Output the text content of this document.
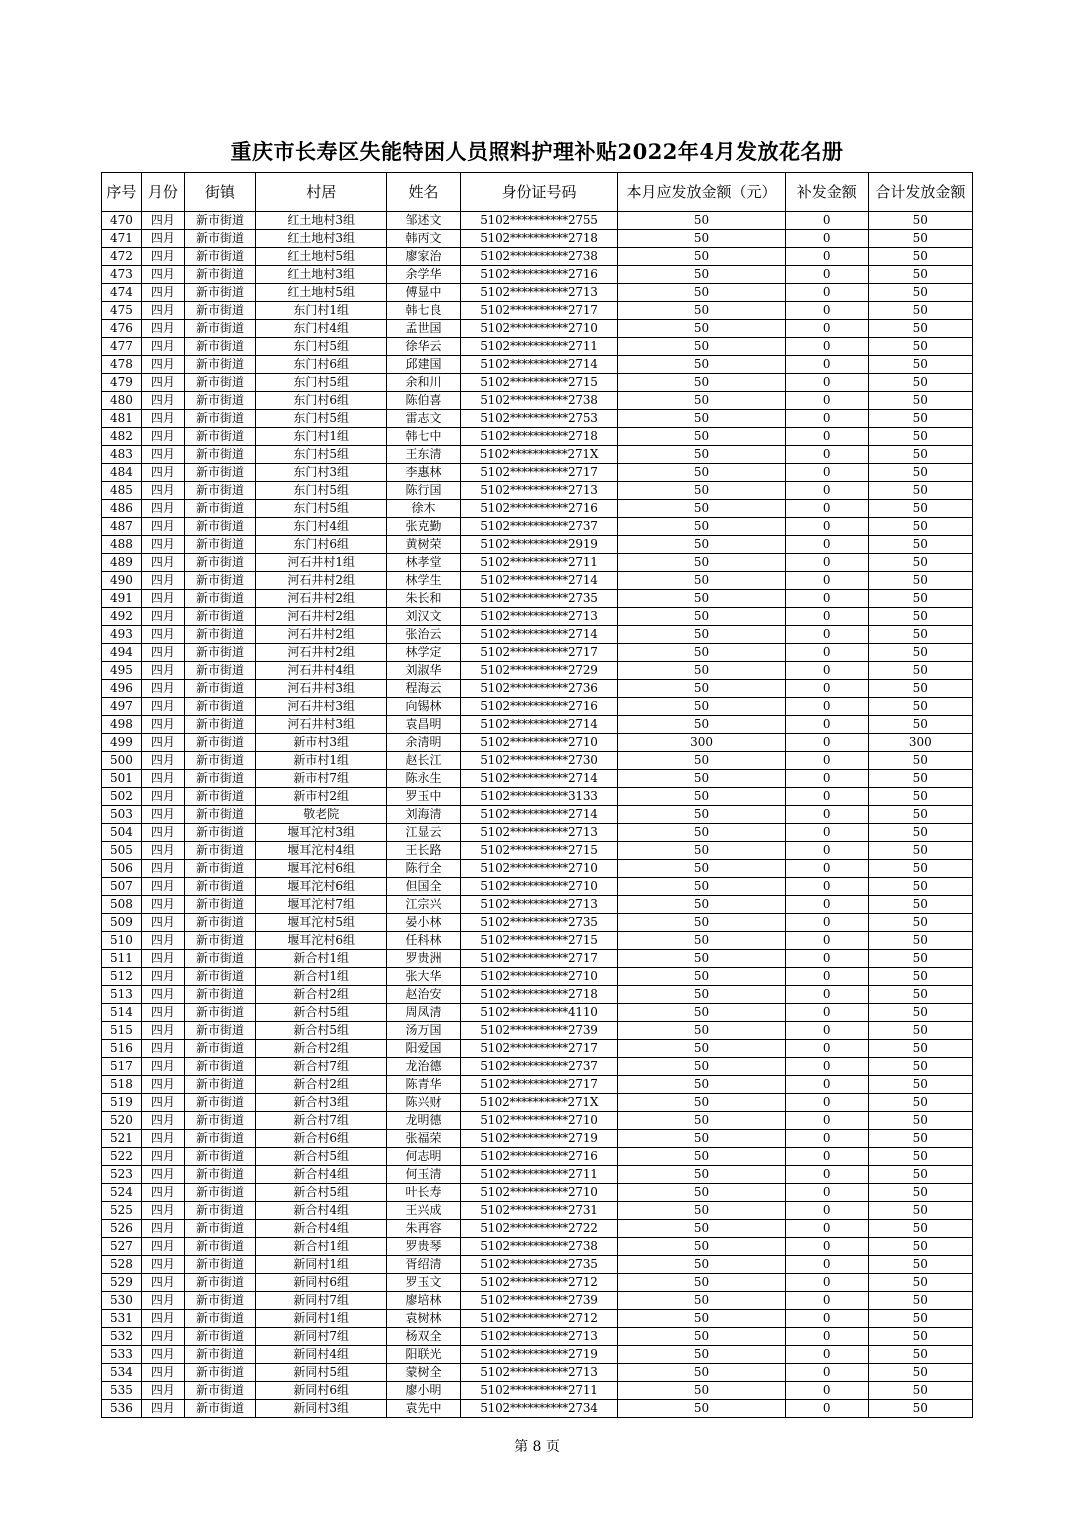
重庆市长寿区失能特困人员照料护理补贴2022年4月发放花名册
序号	月份	街镇	村居	姓名	身份证号码	本月应发放金额（元）	补发金额	合计发放金额
470	四月	新市街道	红土地村3组	邹述文	5102**********2755	50	0	50
471	四月	新市街道	红土地村3组	韩丙文	5102**********2718	50	0	50
472	四月	新市街道	红土地村5组	廖家治	5102**********2738	50	0	50
473	四月	新市街道	红土地村3组	余学华	5102**********2716	50	0	50
474	四月	新市街道	红土地村5组	傅显中	5102**********2713	50	0	50
475	四月	新市街道	东门村1组	韩七良	5102**********2717	50	0	50
476	四月	新市街道	东门村4组	孟世国	5102**********2710	50	0	50
477	四月	新市街道	东门村5组	徐华云	5102**********2711	50	0	50
478	四月	新市街道	东门村6组	邱建国	5102**********2714	50	0	50
479	四月	新市街道	东门村5组	余和川	5102**********2715	50	0	50
480	四月	新市街道	东门村6组	陈伯喜	5102**********2738	50	0	50
481	四月	新市街道	东门村5组	雷志文	5102**********2753	50	0	50
482	四月	新市街道	东门村1组	韩七中	5102**********2718	50	0	50
483	四月	新市街道	东门村5组	王东清	5102**********271X	50	0	50
484	四月	新市街道	东门村3组	李惠林	5102**********2717	50	0	50
485	四月	新市街道	东门村5组	陈行国	5102**********2713	50	0	50
486	四月	新市街道	东门村5组	徐木	5102**********2716	50	0	50
487	四月	新市街道	东门村4组	张克勤	5102**********2737	50	0	50
488	四月	新市街道	东门村6组	黄树荣	5102**********2919	50	0	50
489	四月	新市街道	河石井村1组	林孝堂	5102**********2711	50	0	50
490	四月	新市街道	河石井村2组	林学生	5102**********2714	50	0	50
491	四月	新市街道	河石井村2组	朱长和	5102**********2735	50	0	50
492	四月	新市街道	河石井村2组	刘汉文	5102**********2713	50	0	50
493	四月	新市街道	河石井村2组	张治云	5102**********2714	50	0	50
494	四月	新市街道	河石井村2组	林学定	5102**********2717	50	0	50
495	四月	新市街道	河石井村4组	刘淑华	5102**********2729	50	0	50
496	四月	新市街道	河石井村3组	程海云	5102**********2736	50	0	50
497	四月	新市街道	河石井村3组	向锡林	5102**********2716	50	0	50
498	四月	新市街道	河石井村3组	袁昌明	5102**********2714	50	0	50
499	四月	新市街道	新市村3组	余清明	5102**********2710	300	0	300
500	四月	新市街道	新市村1组	赵长江	5102**********2730	50	0	50
501	四月	新市街道	新市村7组	陈永生	5102**********2714	50	0	50
502	四月	新市街道	新市村2组	罗玉中	5102**********3133	50	0	50
503	四月	新市街道	敬老院	刘海清	5102**********2714	50	0	50
504	四月	新市街道	堰耳沱村3组	江显云	5102**********2713	50	0	50
505	四月	新市街道	堰耳沱村4组	王长路	5102**********2715	50	0	50
506	四月	新市街道	堰耳沱村6组	陈行全	5102**********2710	50	0	50
507	四月	新市街道	堰耳沱村6组	但国全	5102**********2710	50	0	50
508	四月	新市街道	堰耳沱村7组	江宗兴	5102**********2713	50	0	50
509	四月	新市街道	堰耳沱村5组	晏小林	5102**********2735	50	0	50
510	四月	新市街道	堰耳沱村6组	任科林	5102**********2715	50	0	50
511	四月	新市街道	新合村1组	罗贵洲	5102**********2717	50	0	50
512	四月	新市街道	新合村1组	张大华	5102**********2710	50	0	50
513	四月	新市街道	新合村2组	赵治安	5102**********2718	50	0	50
514	四月	新市街道	新合村5组	周凤清	5102**********4110	50	0	50
515	四月	新市街道	新合村5组	汤万国	5102**********2739	50	0	50
516	四月	新市街道	新合村2组	阳爱国	5102**********2717	50	0	50
517	四月	新市街道	新合村7组	龙治德	5102**********2737	50	0	50
518	四月	新市街道	新合村2组	陈青华	5102**********2717	50	0	50
519	四月	新市街道	新合村3组	陈兴财	5102**********271X	50	0	50
520	四月	新市街道	新合村7组	龙明德	5102**********2710	50	0	50
521	四月	新市街道	新合村6组	张福荣	5102**********2719	50	0	50
522	四月	新市街道	新合村5组	何志明	5102**********2716	50	0	50
523	四月	新市街道	新合村4组	何玉清	5102**********2711	50	0	50
524	四月	新市街道	新合村5组	叶长寿	5102**********2710	50	0	50
525	四月	新市街道	新合村4组	王兴成	5102**********2731	50	0	50
526	四月	新市街道	新合村4组	朱再容	5102**********2722	50	0	50
527	四月	新市街道	新合村1组	罗贵琴	5102**********2738	50	0	50
528	四月	新市街道	新同村1组	胥绍清	5102**********2735	50	0	50
529	四月	新市街道	新同村6组	罗玉文	5102**********2712	50	0	50
530	四月	新市街道	新同村7组	廖培林	5102**********2739	50	0	50
531	四月	新市街道	新同村1组	袁树林	5102**********2712	50	0	50
532	四月	新市街道	新同村7组	杨双全	5102**********2713	50	0	50
533	四月	新市街道	新同村4组	阳联光	5102**********2719	50	0	50
534	四月	新市街道	新同村5组	蒙树全	5102**********2713	50	0	50
535	四月	新市街道	新同村6组	廖小明	5102**********2711	50	0	50
536	四月	新市街道	新同村3组	袁先中	5102**********2734	50	0	50
第 8 页
